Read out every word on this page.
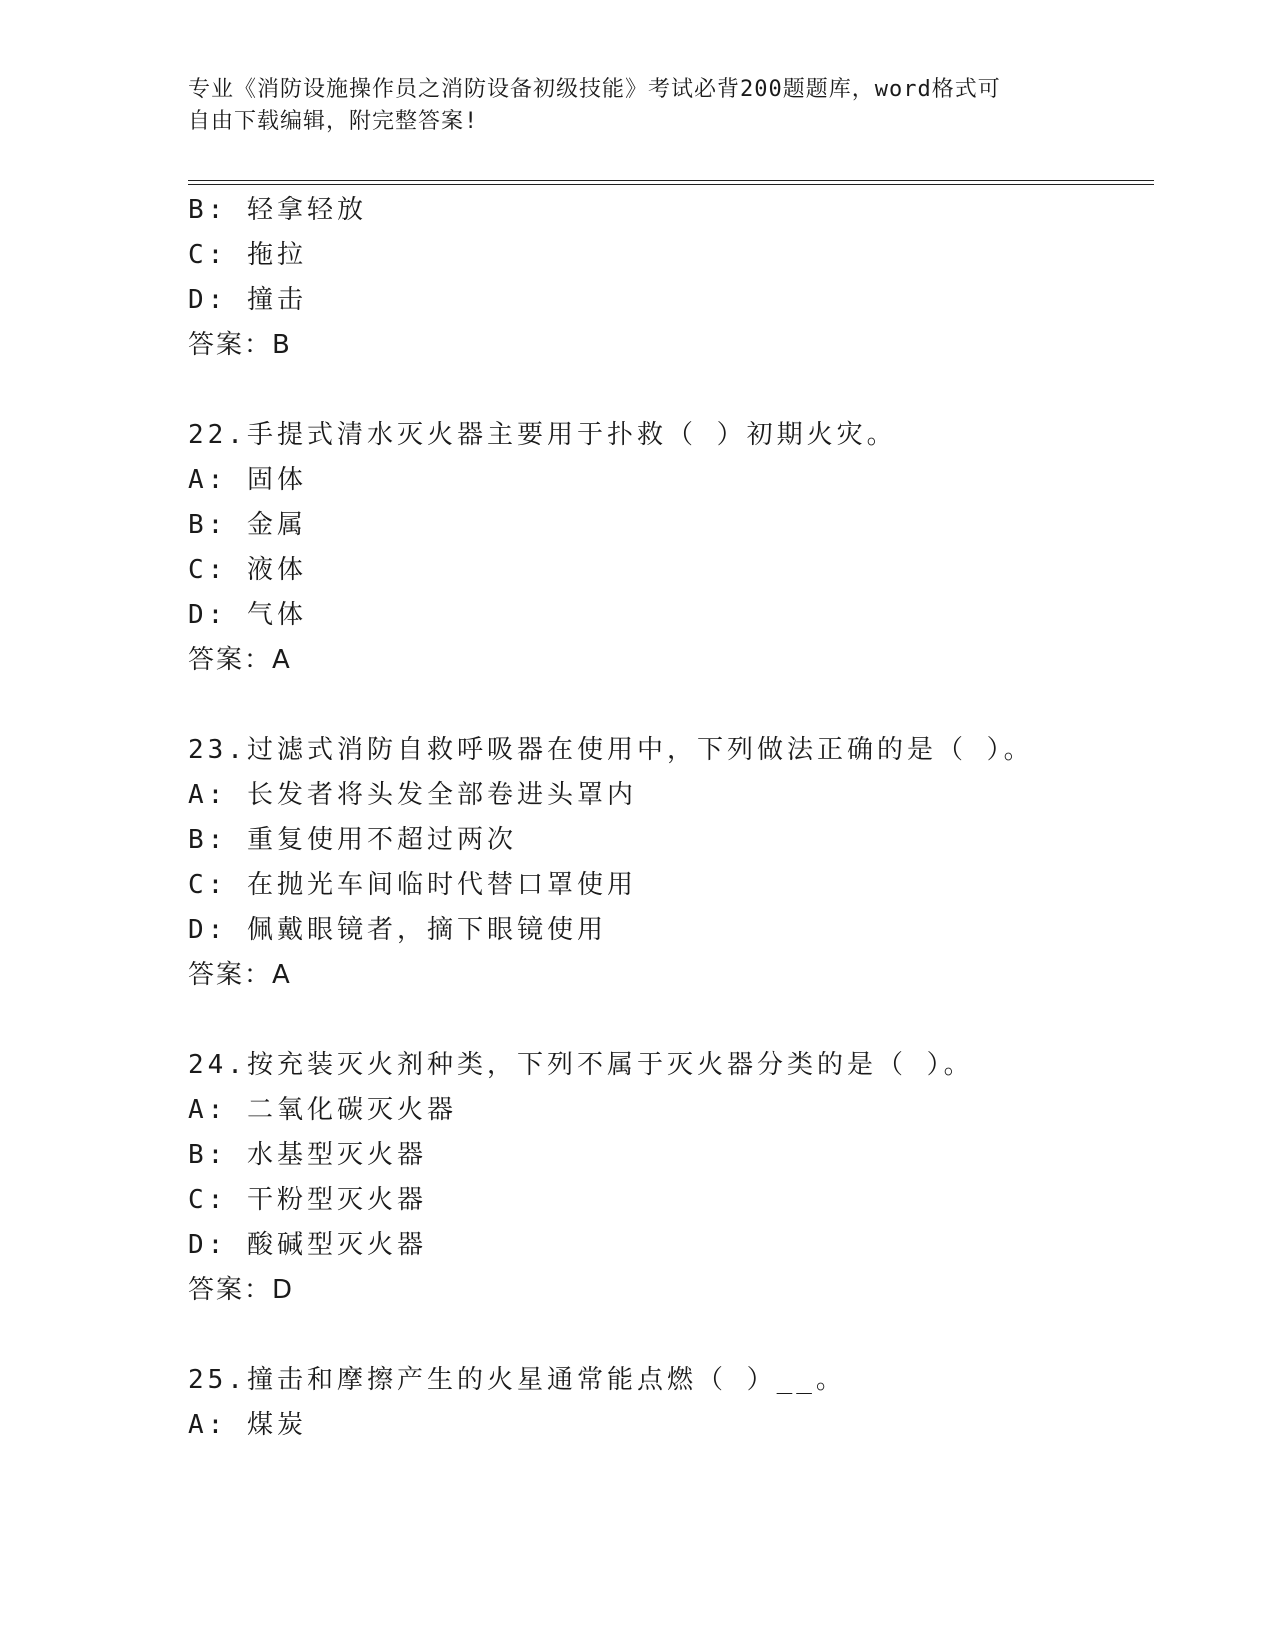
专业《消防设施操作员之消防设备初级技能》考试必背200题题库，word格式可
自由下载编辑，附完整答案!
B: 轻拿轻放
C: 拖拉
D: 撞击
答案：B
22.手提式清水灭火器主要用于扑救（ ）初期火灾。
A: 固体
B: 金属
C: 液体
D: 气体
答案：A
23.过滤式消防自救呼吸器在使用中，下列做法正确的是（ ）。
A: 长发者将头发全部卷进头罩内
B: 重复使用不超过两次
C: 在抛光车间临时代替口罩使用
D: 佩戴眼镜者，摘下眼镜使用
答案：A
24.按充装灭火剂种类，下列不属于灭火器分类的是（ ）。
A: 二氧化碳灭火器
B: 水基型灭火器
C: 干粉型灭火器
D: 酸碱型灭火器
答案：D
25.撞击和摩擦产生的火星通常能点燃（ ）__。
A: 煤炭
